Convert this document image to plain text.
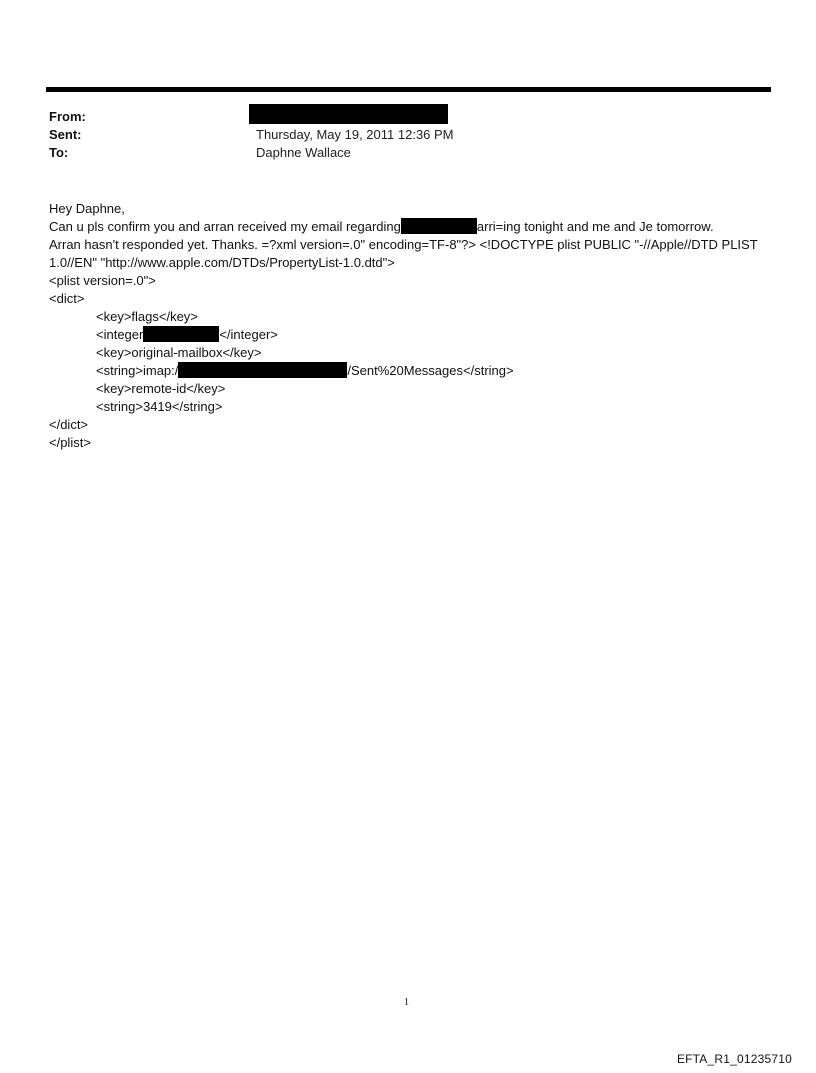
From:
Sent:	Thursday, May 19, 2011 12:36 PM
To:	Daphne Wallace
Hey Daphne,
Can u pls confirm you and arran received my email regarding	arri=ing tonight and me and Je tomorrow.
Arran hasn't responded yet. Thanks. =?xml version=.0" encoding=TF-8"?> <!DOCTYPE plist PUBLIC "-//Apple//DTD PLIST
1.0//EN" "http://www.apple.com/DTDs/PropertyList-1.0.dtd">
<plist version=.0">
<dict>
<key>flags</key>
<integer	</integer>
<key>original-mailbox</key>
<string>imap:/	/Sent%20Messages</string>
<key>remote-id</key>
<string>3419</string>
</dict>
</plist>
1
EFTA_R1_01235710
